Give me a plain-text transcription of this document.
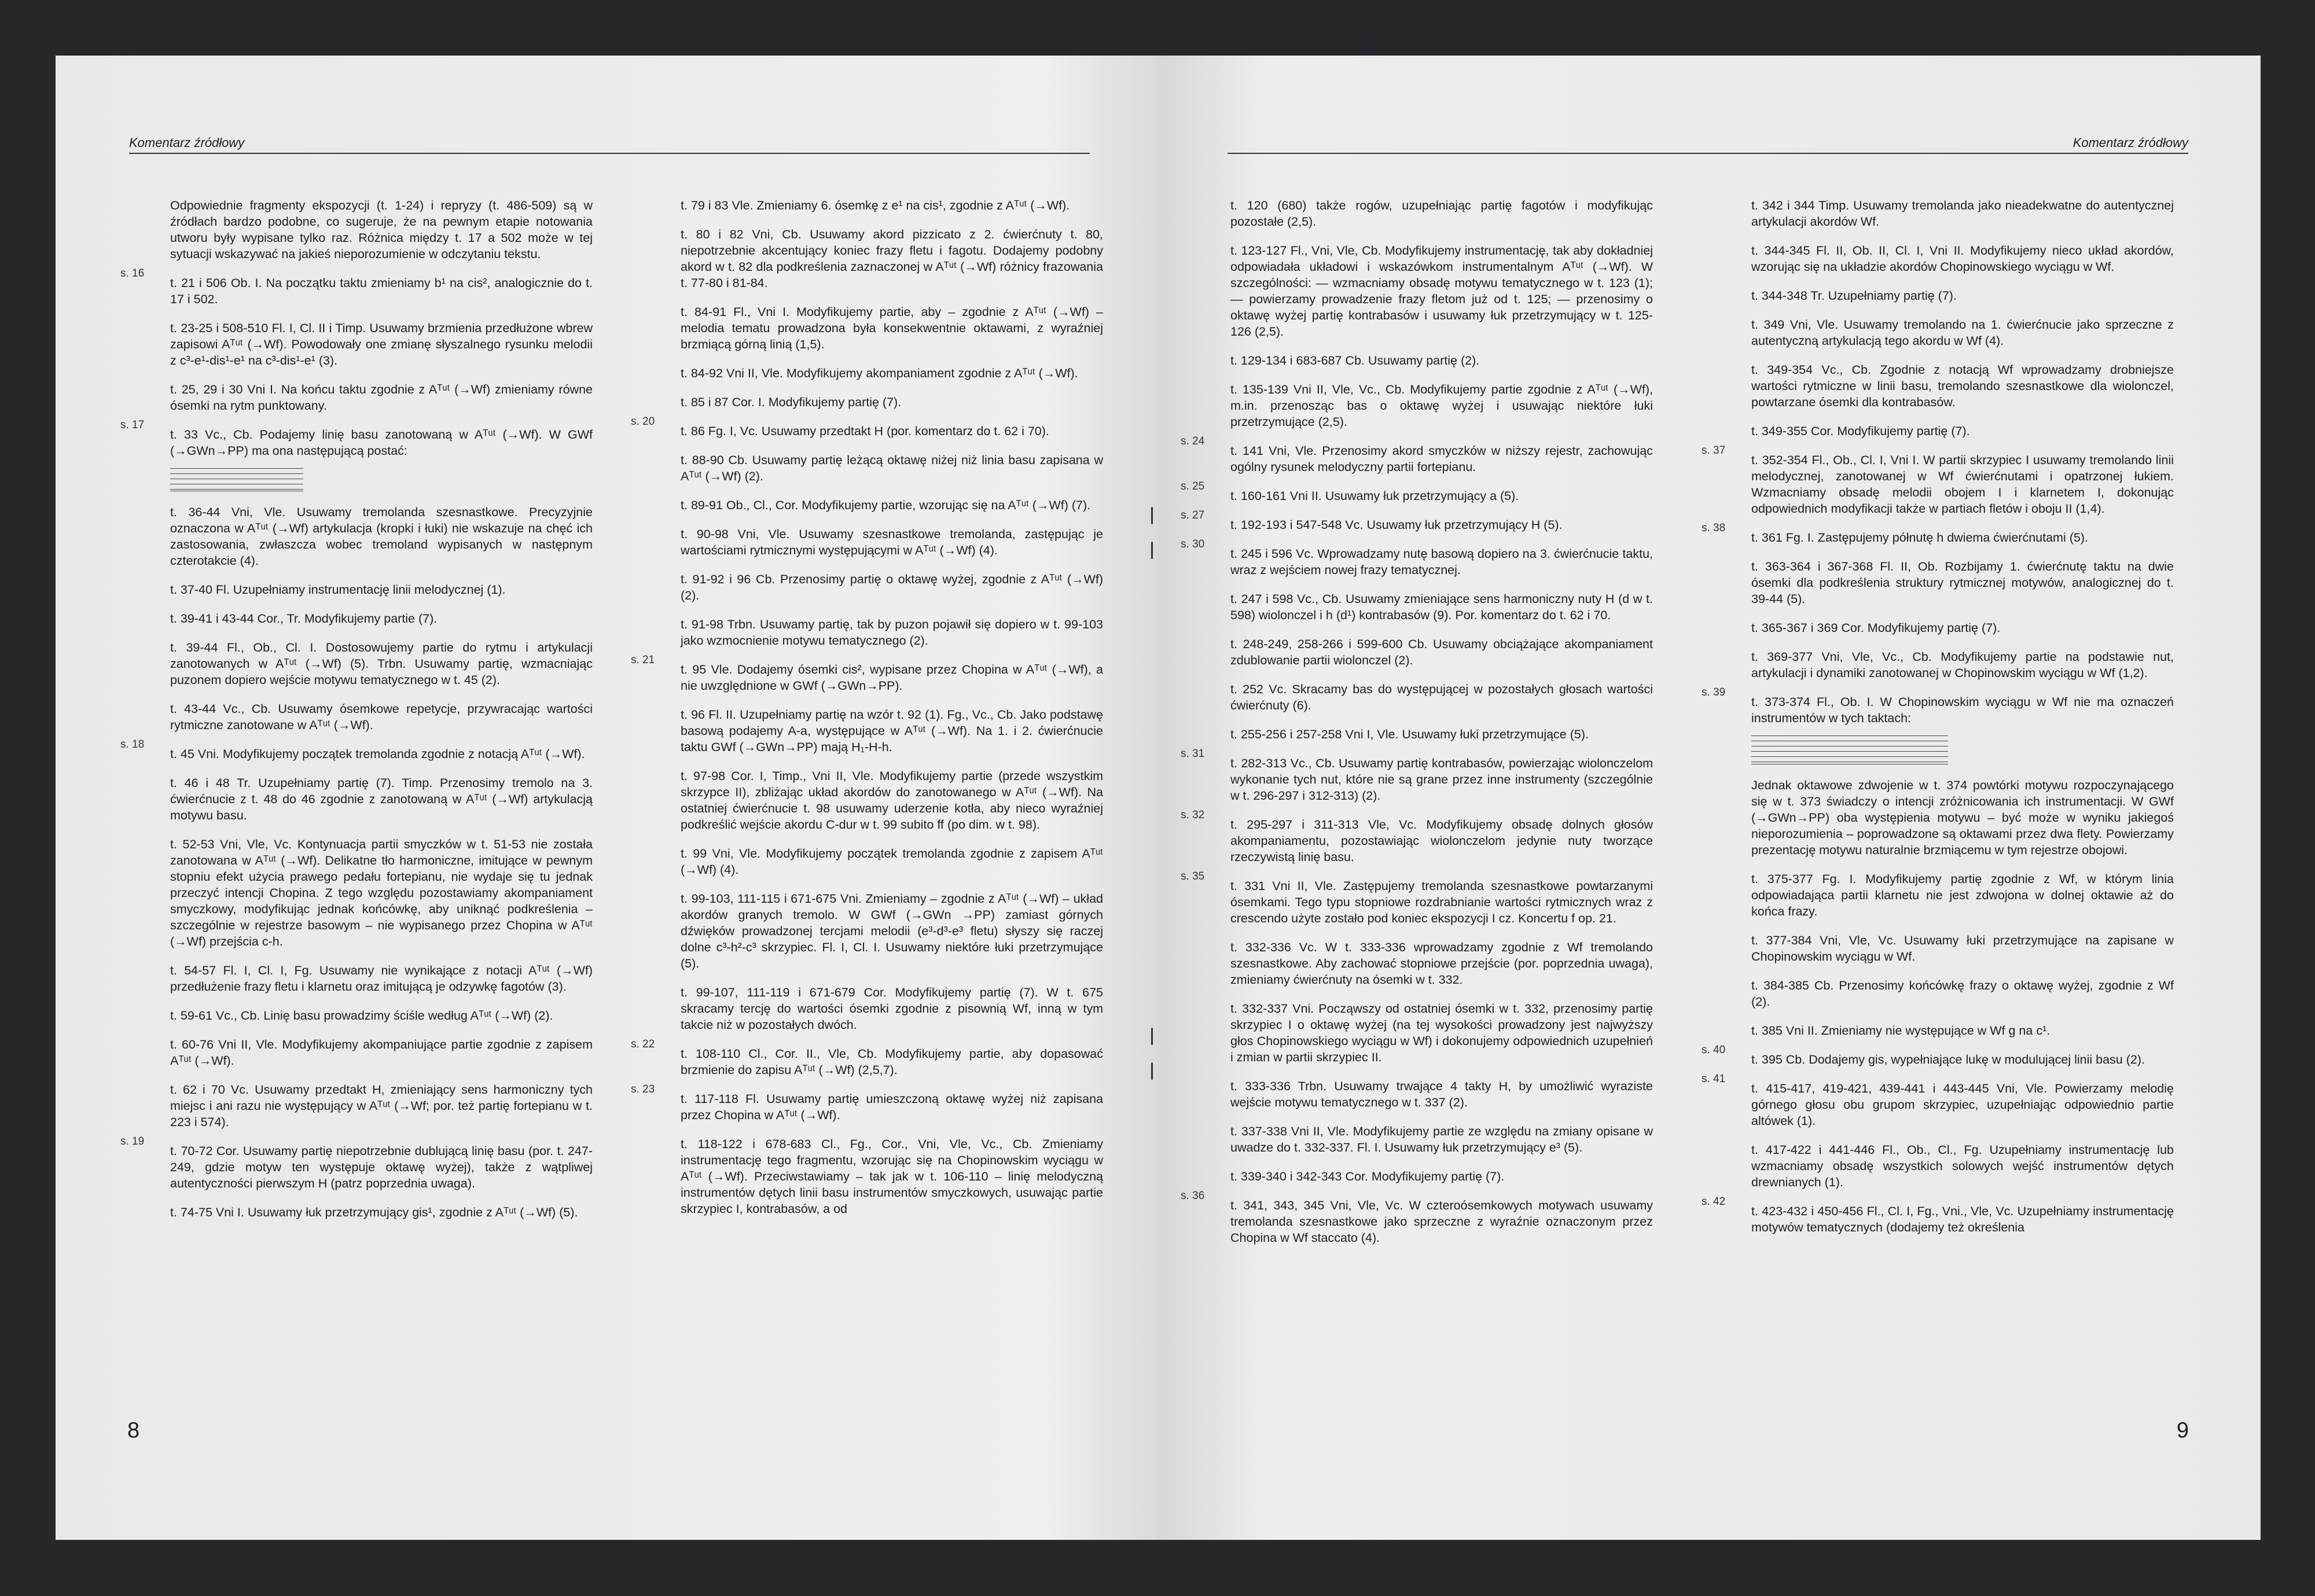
Komentarz źródłowy

Odpowiednie fragmenty ekspozycji (t. 1-24) i repryzy (t. 486-509) są w źródłach bardzo podobne, co sugeruje, że na pewnym etapie notowania utworu były wypisane tylko raz. Różnica między t. 17 a 502 może w tej sytuacji wskazywać na jakieś nieporozumienie w odczytaniu tekstu.

s. 16
t. 21 i 506 Ob. I. Na początku taktu zmieniamy b¹ na cis², analogicznie do t. 17 i 502.

t. 23-25 i 508-510 Fl. I, Cl. II i Timp. Usuwamy brzmienia przedłużone wbrew zapisowi Aᵀᵘᵗ (→Wf). Powodowały one zmianę słyszalnego rysunku melodii z c³-e¹-dis¹-e¹ na c³-dis¹-e¹ (3).

t. 25, 29 i 30 Vni I. Na końcu taktu zgodnie z Aᵀᵘᵗ (→Wf) zmieniamy równe ósemki na rytm punktowany.

s. 17
t. 33 Vc., Cb. Podajemy linię basu zanotowaną w Aᵀᵘᵗ (→Wf). W GWf (→GWn→PP) ma ona następującą postać:

t. 36-44 Vni, Vle. Usuwamy tremolanda szesnastkowe. Precyzyjnie oznaczona w Aᵀᵘᵗ (→Wf) artykulacja (kropki i łuki) nie wskazuje na chęć ich zastosowania, zwłaszcza wobec tremoland wypisanych w następnym czterotakcie (4).

t. 37-40 Fl. Uzupełniamy instrumentację linii melodycznej (1).

t. 39-41 i 43-44 Cor., Tr. Modyfikujemy partie (7).

t. 39-44 Fl., Ob., Cl. I. Dostosowujemy partie do rytmu i artykulacji zanotowanych w Aᵀᵘᵗ (→Wf) (5). Trbn. Usuwamy partię, wzmacniając puzonem dopiero wejście motywu tematycznego w t. 45 (2).

t. 43-44 Vc., Cb. Usuwamy ósemkowe repetycje, przywracając wartości rytmiczne zanotowane w Aᵀᵘᵗ (→Wf).

s. 18
t. 45 Vni. Modyfikujemy początek tremolanda zgodnie z notacją Aᵀᵘᵗ (→Wf).

t. 46 i 48 Tr. Uzupełniamy partię (7). Timp. Przenosimy tremolo na 3. ćwierćnucie z t. 48 do 46 zgodnie z zanotowaną w Aᵀᵘᵗ (→Wf) artykulacją motywu basu.

t. 52-53 Vni, Vle, Vc. Kontynuacja partii smyczków w t. 51-53 nie została zanotowana w Aᵀᵘᵗ (→Wf). Delikatne tło harmoniczne, imitujące w pewnym stopniu efekt użycia prawego pedału fortepianu, nie wydaje się tu jednak przeczyć intencji Chopina. Z tego względu pozostawiamy akompaniament smyczkowy, modyfikując jednak końcówkę, aby uniknąć podkreślenia – szczególnie w rejestrze basowym – nie wypisanego przez Chopina w Aᵀᵘᵗ (→Wf) przejścia c-h.

t. 54-57 Fl. I, Cl. I, Fg. Usuwamy nie wynikające z notacji Aᵀᵘᵗ (→Wf) przedłużenie frazy fletu i klarnetu oraz imitującą je odzywkę fagotów (3).

t. 59-61 Vc., Cb. Linię basu prowadzimy ściśle według Aᵀᵘᵗ (→Wf) (2).

t. 60-76 Vni II, Vle. Modyfikujemy akompaniujące partie zgodnie z zapisem Aᵀᵘᵗ (→Wf).

t. 62 i 70 Vc. Usuwamy przedtakt H, zmieniający sens harmoniczny tych miejsc i ani razu nie występujący w Aᵀᵘᵗ (→Wf; por. też partię fortepianu w t. 223 i 574).

s. 19
t. 70-72 Cor. Usuwamy partię niepotrzebnie dublującą linię basu (por. t. 247-249, gdzie motyw ten występuje oktawę wyżej), także z wątpliwej autentyczności pierwszym H (patrz poprzednia uwaga).

t. 74-75 Vni I. Usuwamy łuk przetrzymujący gis¹, zgodnie z Aᵀᵘᵗ (→Wf) (5).

t. 79 i 83 Vle. Zmieniamy 6. ósemkę z e¹ na cis¹, zgodnie z Aᵀᵘᵗ (→Wf).

t. 80 i 82 Vni, Cb. Usuwamy akord pizzicato z 2. ćwierćnuty t. 80, niepotrzebnie akcentujący koniec frazy fletu i fagotu. Dodajemy podobny akord w t. 82 dla podkreślenia zaznaczonej w Aᵀᵘᵗ (→Wf) różnicy frazowania t. 77-80 i 81-84.

t. 84-91 Fl., Vni I. Modyfikujemy partie, aby – zgodnie z Aᵀᵘᵗ (→Wf) – melodia tematu prowadzona była konsekwentnie oktawami, z wyraźniej brzmiącą górną linią (1,5).

t. 84-92 Vni II, Vle. Modyfikujemy akompaniament zgodnie z Aᵀᵘᵗ (→Wf).

t. 85 i 87 Cor. I. Modyfikujemy partię (7).

s. 20
t. 86 Fg. I, Vc. Usuwamy przedtakt H (por. komentarz do t. 62 i 70).

t. 88-90 Cb. Usuwamy partię leżącą oktawę niżej niż linia basu zapisana w Aᵀᵘᵗ (→Wf) (2).

t. 89-91 Ob., Cl., Cor. Modyfikujemy partie, wzorując się na Aᵀᵘᵗ (→Wf) (7).

t. 90-98 Vni, Vle. Usuwamy szesnastkowe tremolanda, zastępując je wartościami rytmicznymi występującymi w Aᵀᵘᵗ (→Wf) (4).

t. 91-92 i 96 Cb. Przenosimy partię o oktawę wyżej, zgodnie z Aᵀᵘᵗ (→Wf) (2).

t. 91-98 Trbn. Usuwamy partię, tak by puzon pojawił się dopiero w t. 99-103 jako wzmocnienie motywu tematycznego (2).

s. 21
t. 95 Vle. Dodajemy ósemki cis², wypisane przez Chopina w Aᵀᵘᵗ (→Wf), a nie uwzględnione w GWf (→GWn→PP).

t. 96 Fl. II. Uzupełniamy partię na wzór t. 92 (1). Fg., Vc., Cb. Jako podstawę basową podajemy A-a, występujące w Aᵀᵘᵗ (→Wf). Na 1. i 2. ćwierćnucie taktu GWf (→GWn→PP) mają H₁-H-h.

t. 97-98 Cor. I, Timp., Vni II, Vle. Modyfikujemy partie (przede wszystkim skrzypce II), zbliżając układ akordów do zanotowanego w Aᵀᵘᵗ (→Wf). Na ostatniej ćwierćnucie t. 98 usuwamy uderzenie kotła, aby nieco wyraźniej podkreślić wejście akordu C-dur w t. 99 subito ff (po dim. w t. 98).

t. 99 Vni, Vle. Modyfikujemy początek tremolanda zgodnie z zapisem Aᵀᵘᵗ (→Wf) (4).

t. 99-103, 111-115 i 671-675 Vni. Zmieniamy – zgodnie z Aᵀᵘᵗ (→Wf) – układ akordów granych tremolo. W GWf (→GWn →PP) zamiast górnych dźwięków prowadzonej tercjami melodii (e³-d³-e³ fletu) słyszy się raczej dolne c³-h²-c³ skrzypiec. Fl. I, Cl. I. Usuwamy niektóre łuki przetrzymujące (5).

t. 99-107, 111-119 i 671-679 Cor. Modyfikujemy partię (7). W t. 675 skracamy tercję do wartości ósemki zgodnie z pisownią Wf, inną w tym takcie niż w pozostałych dwóch.

s. 22
t. 108-110 Cl., Cor. II., Vle, Cb. Modyfikujemy partie, aby dopasować brzmienie do zapisu Aᵀᵘᵗ (→Wf) (2,5,7).

s. 23
t. 117-118 Fl. Usuwamy partię umieszczoną oktawę wyżej niż zapisana przez Chopina w Aᵀᵘᵗ (→Wf).

t. 118-122 i 678-683 Cl., Fg., Cor., Vni, Vle, Vc., Cb. Zmieniamy instrumentację tego fragmentu, wzorując się na Chopinowskim wyciągu w Aᵀᵘᵗ (→Wf). Przeciwstawiamy – tak jak w t. 106-110 – linię melodyczną instrumentów dętych linii basu instrumentów smyczkowych, usuwając partie skrzypiec I, kontrabasów, a od

8
Komentarz źródłowy

t. 120 (680) także rogów, uzupełniając partię fagotów i modyfikując pozostałe (2,5).

t. 123-127 Fl., Vni, Vle, Cb. Modyfikujemy instrumentację, tak aby dokładniej odpowiadała układowi i wskazówkom instrumentalnym Aᵀᵘᵗ (→Wf). W szczególności: — wzmacniamy obsadę motywu tematycznego w t. 123 (1); — powierzamy prowadzenie frazy fletom już od t. 125; — przenosimy o oktawę wyżej partię kontrabasów i usuwamy łuk przetrzymujący w t. 125-126 (2,5).

t. 129-134 i 683-687 Cb. Usuwamy partię (2).

t. 135-139 Vni II, Vle, Vc., Cb. Modyfikujemy partie zgodnie z Aᵀᵘᵗ (→Wf), m.in. przenosząc bas o oktawę wyżej i usuwając niektóre łuki przetrzymujące (2,5).

s. 24
t. 141 Vni, Vle. Przenosimy akord smyczków w niższy rejestr, zachowując ogólny rysunek melodyczny partii fortepianu.

s. 25
t. 160-161 Vni II. Usuwamy łuk przetrzymujący a (5).

s. 27
t. 192-193 i 547-548 Vc. Usuwamy łuk przetrzymujący H (5).

s. 30
t. 245 i 596 Vc. Wprowadzamy nutę basową dopiero na 3. ćwierćnucie taktu, wraz z wejściem nowej frazy tematycznej.

t. 247 i 598 Vc., Cb. Usuwamy zmieniające sens harmoniczny nuty H (d w t. 598) wiolonczel i h (d¹) kontrabasów (9). Por. komentarz do t. 62 i 70.

t. 248-249, 258-266 i 599-600 Cb. Usuwamy obciążające akompaniament zdublowanie partii wiolonczel (2).

t. 252 Vc. Skracamy bas do występującej w pozostałych głosach wartości ćwierćnuty (6).

t. 255-256 i 257-258 Vni I, Vle. Usuwamy łuki przetrzymujące (5).

s. 31
t. 282-313 Vc., Cb. Usuwamy partię kontrabasów, powierzając wiolonczelom wykonanie tych nut, które nie są grane przez inne instrumenty (szczególnie w t. 296-297 i 312-313) (2).

s. 32
t. 295-297 i 311-313 Vle, Vc. Modyfikujemy obsadę dolnych głosów akompaniamentu, pozostawiając wiolonczelom jedynie nuty tworzące rzeczywistą linię basu.

s. 35
t. 331 Vni II, Vle. Zastępujemy tremolanda szesnastkowe powtarzanymi ósemkami. Tego typu stopniowe rozdrabnianie wartości rytmicznych wraz z crescendo użyte zostało pod koniec ekspozycji I cz. Koncertu f op. 21.

t. 332-336 Vc. W t. 333-336 wprowadzamy zgodnie z Wf tremolando szesnastkowe. Aby zachować stopniowe przejście (por. poprzednia uwaga), zmieniamy ćwierćnuty na ósemki w t. 332.

t. 332-337 Vni. Począwszy od ostatniej ósemki w t. 332, przenosimy partię skrzypiec I o oktawę wyżej (na tej wysokości prowadzony jest najwyższy głos Chopinowskiego wyciągu w Wf) i dokonujemy odpowiednich uzupełnień i zmian w partii skrzypiec II.

t. 333-336 Trbn. Usuwamy trwające 4 takty H, by umożliwić wyraziste wejście motywu tematycznego w t. 337 (2).

t. 337-338 Vni II, Vle. Modyfikujemy partie ze względu na zmiany opisane w uwadze do t. 332-337. Fl. I. Usuwamy łuk przetrzymujący e³ (5).

t. 339-340 i 342-343 Cor. Modyfikujemy partię (7).

s. 36
t. 341, 343, 345 Vni, Vle, Vc. W czteroósemkowych motywach usuwamy tremolanda szesnastkowe jako sprzeczne z wyraźnie oznaczonym przez Chopina w Wf staccato (4).

t. 342 i 344 Timp. Usuwamy tremolanda jako nieadekwatne do autentycznej artykulacji akordów Wf.

t. 344-345 Fl. II, Ob. II, Cl. I, Vni II. Modyfikujemy nieco układ akordów, wzorując się na układzie akordów Chopinowskiego wyciągu w Wf.

t. 344-348 Tr. Uzupełniamy partię (7).

t. 349 Vni, Vle. Usuwamy tremolando na 1. ćwierćnucie jako sprzeczne z autentyczną artykulacją tego akordu w Wf (4).

t. 349-354 Vc., Cb. Zgodnie z notacją Wf wprowadzamy drobniejsze wartości rytmiczne w linii basu, tremolando szesnastkowe dla wiolonczel, powtarzane ósemki dla kontrabasów.

t. 349-355 Cor. Modyfikujemy partię (7).

s. 37
t. 352-354 Fl., Ob., Cl. I, Vni I. W partii skrzypiec I usuwamy tremolando linii melodycznej, zanotowanej w Wf ćwierćnutami i opatrzonej łukiem. Wzmacniamy obsadę melodii obojem I i klarnetem I, dokonując odpowiednich modyfikacji także w partiach fletów i oboju II (1,4).

s. 38
t. 361 Fg. I. Zastępujemy półnutę h dwiema ćwierćnutami (5).

t. 363-364 i 367-368 Fl. II, Ob. Rozbijamy 1. ćwierćnutę taktu na dwie ósemki dla podkreślenia struktury rytmicznej motywów, analogicznej do t. 39-44 (5).

t. 365-367 i 369 Cor. Modyfikujemy partię (7).

t. 369-377 Vni, Vle, Vc., Cb. Modyfikujemy partie na podstawie nut, artykulacji i dynamiki zanotowanej w Chopinowskim wyciągu w Wf (1,2).

s. 39
t. 373-374 Fl., Ob. I. W Chopinowskim wyciągu w Wf nie ma oznaczeń instrumentów w tych taktach:

Jednak oktawowe zdwojenie w t. 374 powtórki motywu rozpoczynającego się w t. 373 świadczy o intencji zróżnicowania ich instrumentacji. W GWf (→GWn→PP) oba występienia motywu – być może w wyniku jakiegoś nieporozumienia – poprowadzone są oktawami przez dwa flety. Powierzamy prezentację motywu naturalnie brzmiącemu w tym rejestrze obojowi.

t. 375-377 Fg. I. Modyfikujemy partię zgodnie z Wf, w którym linia odpowiadająca partii klarnetu nie jest zdwojona w dolnej oktawie aż do końca frazy.

t. 377-384 Vni, Vle, Vc. Usuwamy łuki przetrzymujące na zapisane w Chopinowskim wyciągu w Wf.

t. 384-385 Cb. Przenosimy końcówkę frazy o oktawę wyżej, zgodnie z Wf (2).

t. 385 Vni II. Zmieniamy nie występujące w Wf g na c¹.

s. 40
t. 395 Cb. Dodajemy gis, wypełniające lukę w modulującej linii basu (2).

s. 41
t. 415-417, 419-421, 439-441 i 443-445 Vni, Vle. Powierzamy melodię górnego głosu obu grupom skrzypiec, uzupełniając odpowiednio partie altówek (1).

t. 417-422 i 441-446 Fl., Ob., Cl., Fg. Uzupełniamy instrumentację lub wzmacniamy obsadę wszystkich solowych wejść instrumentów dętych drewnianych (1).

s. 42
t. 423-432 i 450-456 Fl., Cl. I, Fg., Vni., Vle, Vc. Uzupełniamy instrumentację motywów tematycznych (dodajemy też określenia

9
